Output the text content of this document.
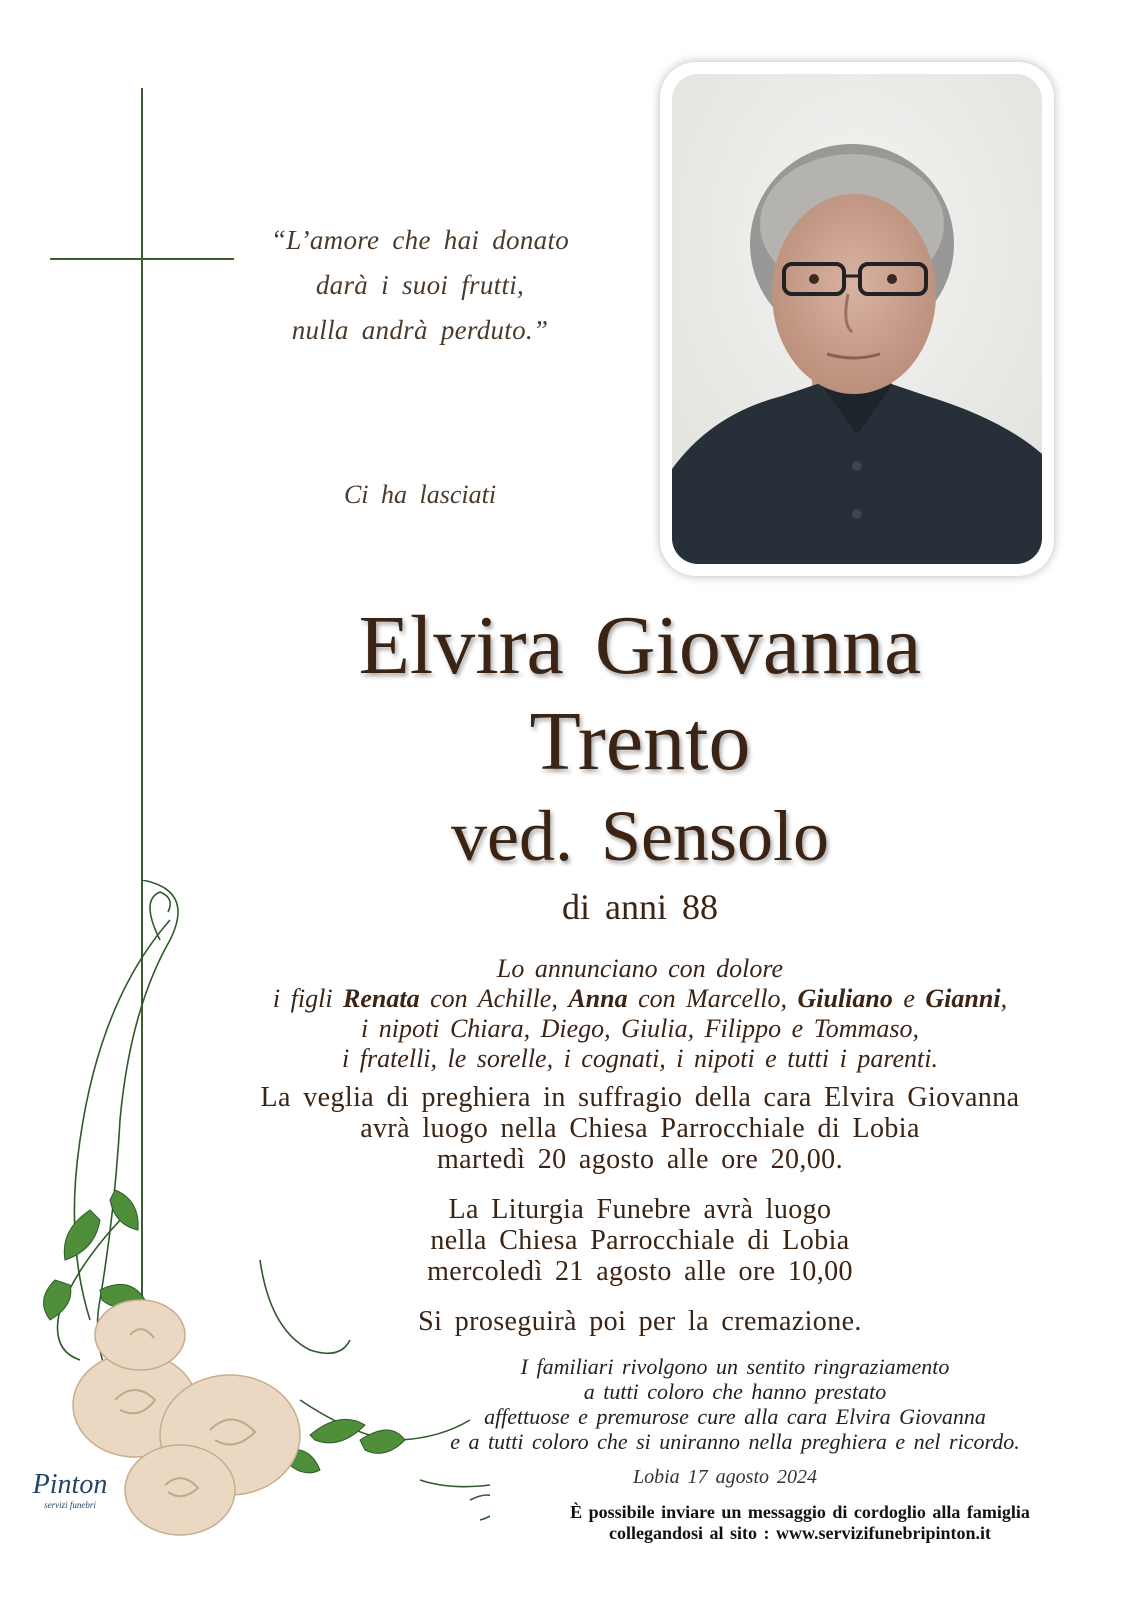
“L’amore che hai donato
darà i suoi frutti,
nulla andrà perduto.”
Ci ha lasciati
Elvira Giovanna
Trento
ved. Sensolo
di anni 88
Lo annunciano con dolore
i figli Renata con Achille, Anna con Marcello, Giuliano e Gianni,
i nipoti Chiara, Diego, Giulia, Filippo e Tommaso,
i fratelli, le sorelle, i cognati, i nipoti e tutti i parenti.
La veglia di preghiera in suffragio della cara Elvira Giovanna
avrà luogo nella Chiesa Parrocchiale di Lobia
martedì 20 agosto alle ore 20,00.
La Liturgia Funebre avrà luogo
nella Chiesa Parrocchiale di Lobia
mercoledì 21 agosto alle ore 10,00
Si proseguirà poi per la cremazione.
I familiari rivolgono un sentito ringraziamento
a tutti coloro che hanno prestato
affettuose e premurose cure alla cara Elvira Giovanna
e a tutti coloro che si uniranno nella preghiera e nel ricordo.
Lobia 17 agosto 2024
È possibile inviare un messaggio di cordoglio alla famiglia
collegandosi al sito : www.servizifunebripinton.it
Pinton
servizi funebri
